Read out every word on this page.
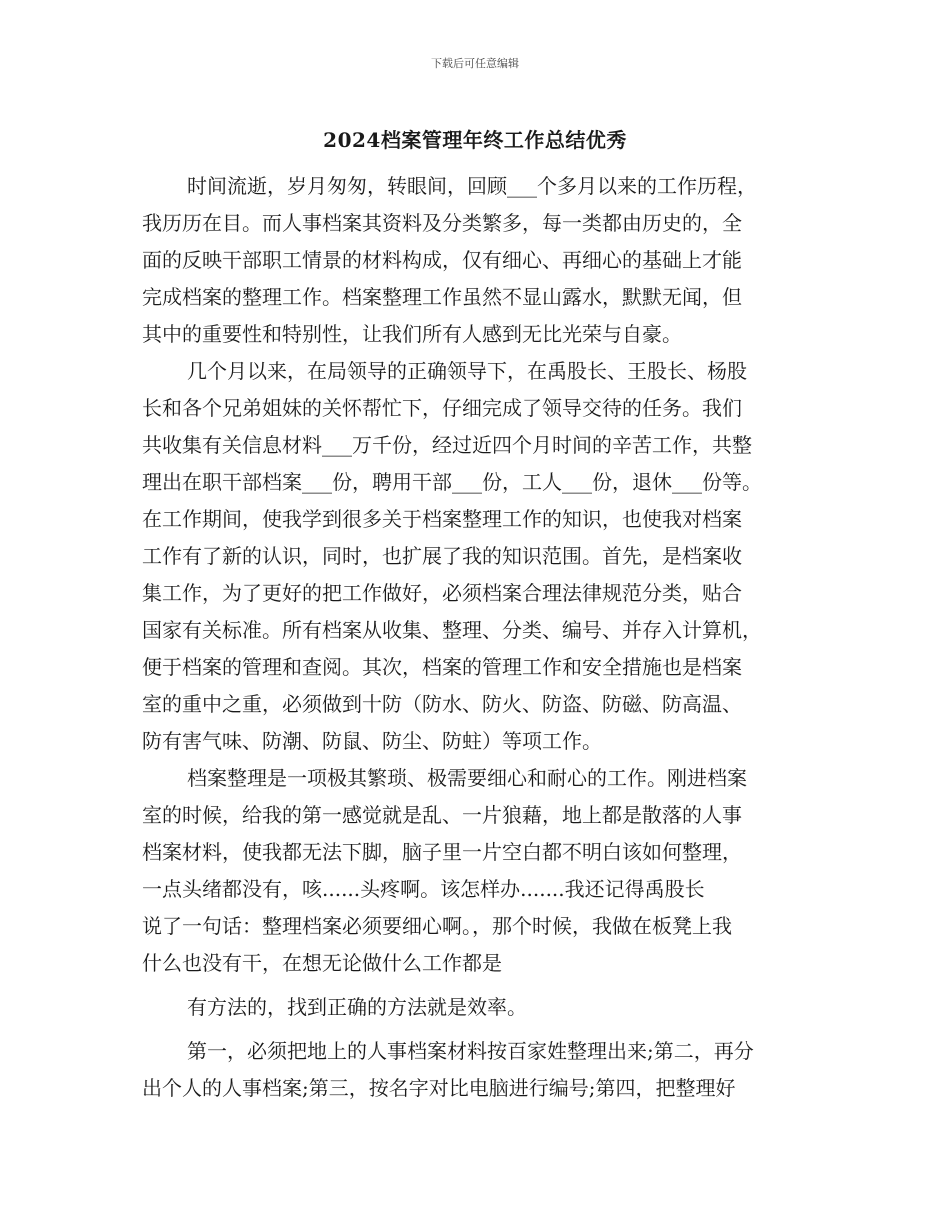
下载后可任意编辑
2024档案管理年终工作总结优秀
时间流逝，岁月匆匆，转眼间，回顾___个多月以来的工作历程，
我历历在目。而人事档案其资料及分类繁多，每一类都由历史的，全
面的反映干部职工情景的材料构成，仅有细心、再细心的基础上才能
完成档案的整理工作。档案整理工作虽然不显山露水，默默无闻，但
其中的重要性和特别性，让我们所有人感到无比光荣与自豪。
几个月以来，在局领导的正确领导下，在禹股长、王股长、杨股
长和各个兄弟姐妹的关怀帮忙下，仔细完成了领导交待的任务。我们
共收集有关信息材料___万千份，经过近四个月时间的辛苦工作，共整
理出在职干部档案___份，聘用干部___份，工人___份，退休___份等。
在工作期间，使我学到很多关于档案整理工作的知识，也使我对档案
工作有了新的认识，同时，也扩展了我的知识范围。首先，是档案收
集工作，为了更好的把工作做好，必须档案合理法律规范分类，贴合
国家有关标准。所有档案从收集、整理、分类、编号、并存入计算机，
便于档案的管理和查阅。其次，档案的管理工作和安全措施也是档案
室的重中之重，必须做到十防（防水、防火、防盗、防磁、防高温、
防有害气味、防潮、防鼠、防尘、防蛀）等项工作。
档案整理是一项极其繁琐、极需要细心和耐心的工作。刚进档案
室的时候，给我的第一感觉就是乱、一片狼藉，地上都是散落的人事
档案材料，使我都无法下脚，脑子里一片空白都不明白该如何整理，
一点头绪都没有，咳......头疼啊。该怎样办.......我还记得禹股长
说了一句话：整理档案必须要细心啊。，那个时候，我做在板凳上我
什么也没有干，在想无论做什么工作都是
有方法的，找到正确的方法就是效率。
第一，必须把地上的人事档案材料按百家姓整理出来;第二，再分
出个人的人事档案;第三，按名字对比电脑进行编号;第四，把整理好
